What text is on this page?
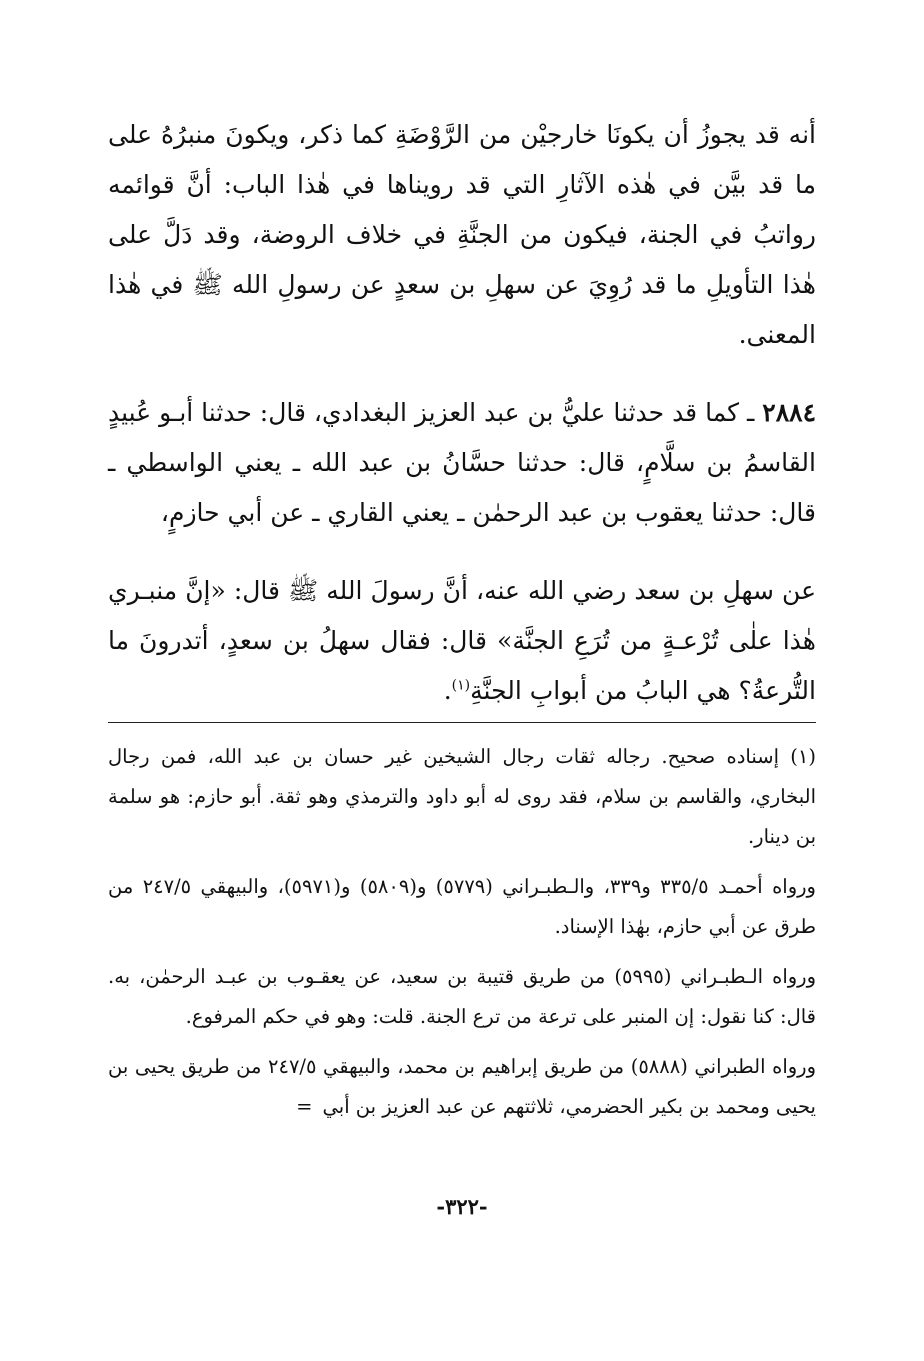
أنه قد يجوزُ أن يكونَا خارجيْن من الرَّوْضَةِ كما ذكر، ويكونَ منبرُهُ على ما قد بيَّن في هٰذه الآثارِ التي قد رويناها في هٰذا الباب: أنَّ قوائمه رواتبُ في الجنة، فيكون من الجنَّةِ في خلاف الروضة، وقد دَلَّ على هٰذا التأويلِ ما قد رُوِيَ عن سهلِ بن سعدٍ عن رسولِ الله ﷺ في هٰذا المعنى.

٢٨٨٤ ـ كما قد حدثنا عليُّ بن عبد العزيز البغدادي، قال: حدثنا أبـو عُبيدٍ القاسمُ بن سلَّامٍ، قال: حدثنا حسَّانُ بن عبد الله ـ يعني الواسطي ـ قال: حدثنا يعقوب بن عبد الرحمٰن ـ يعني القاري ـ عن أبي حازمٍ،

عن سهلِ بن سعد رضي الله عنه، أنَّ رسولَ الله ﷺ قال: «إنَّ منبـري هٰذا علٰى تُرْعـةٍ من تُرَعِ الجنَّة» قال: فقال سهلُ بن سعدٍ، أتدرونَ ما التُّرعةُ؟ هي البابُ من أبوابِ الجنَّةِ$^{(١)}$.

(١) إسناده صحيح. رجاله ثقات رجال الشيخين غير حسان بن عبد الله، فمن رجال البخاري، والقاسم بن سلام، فقد روى له أبو داود والترمذي وهو ثقة. أبو حازم: هو سلمة بن دينار.

ورواه أحمـد ٣٣٥/٥ و٣٣٩، والـطبـراني (٥٧٧٩) و(٥٨٠٩) و(٥٩٧١)، والبيهقي ٢٤٧/٥ من طرق عن أبي حازم، بهٰذا الإسناد.

ورواه الـطبـراني (٥٩٩٥) من طريق قتيبة بن سعيد، عن يعقـوب بن عبـد الرحمٰن، به. قال: كنا نقول: إن المنبر على ترعة من ترع الجنة. قلت: وهو في حكم المرفوع.

ورواه الطبراني (٥٨٨٨) من طريق إبراهيم بن محمد، والبيهقي ٢٤٧/٥ من طريق يحيى بن يحيى ومحمد بن بكير الحضرمي، ثلاثتهم عن عبد العزيز بن أبي=

-٣٢٢-
